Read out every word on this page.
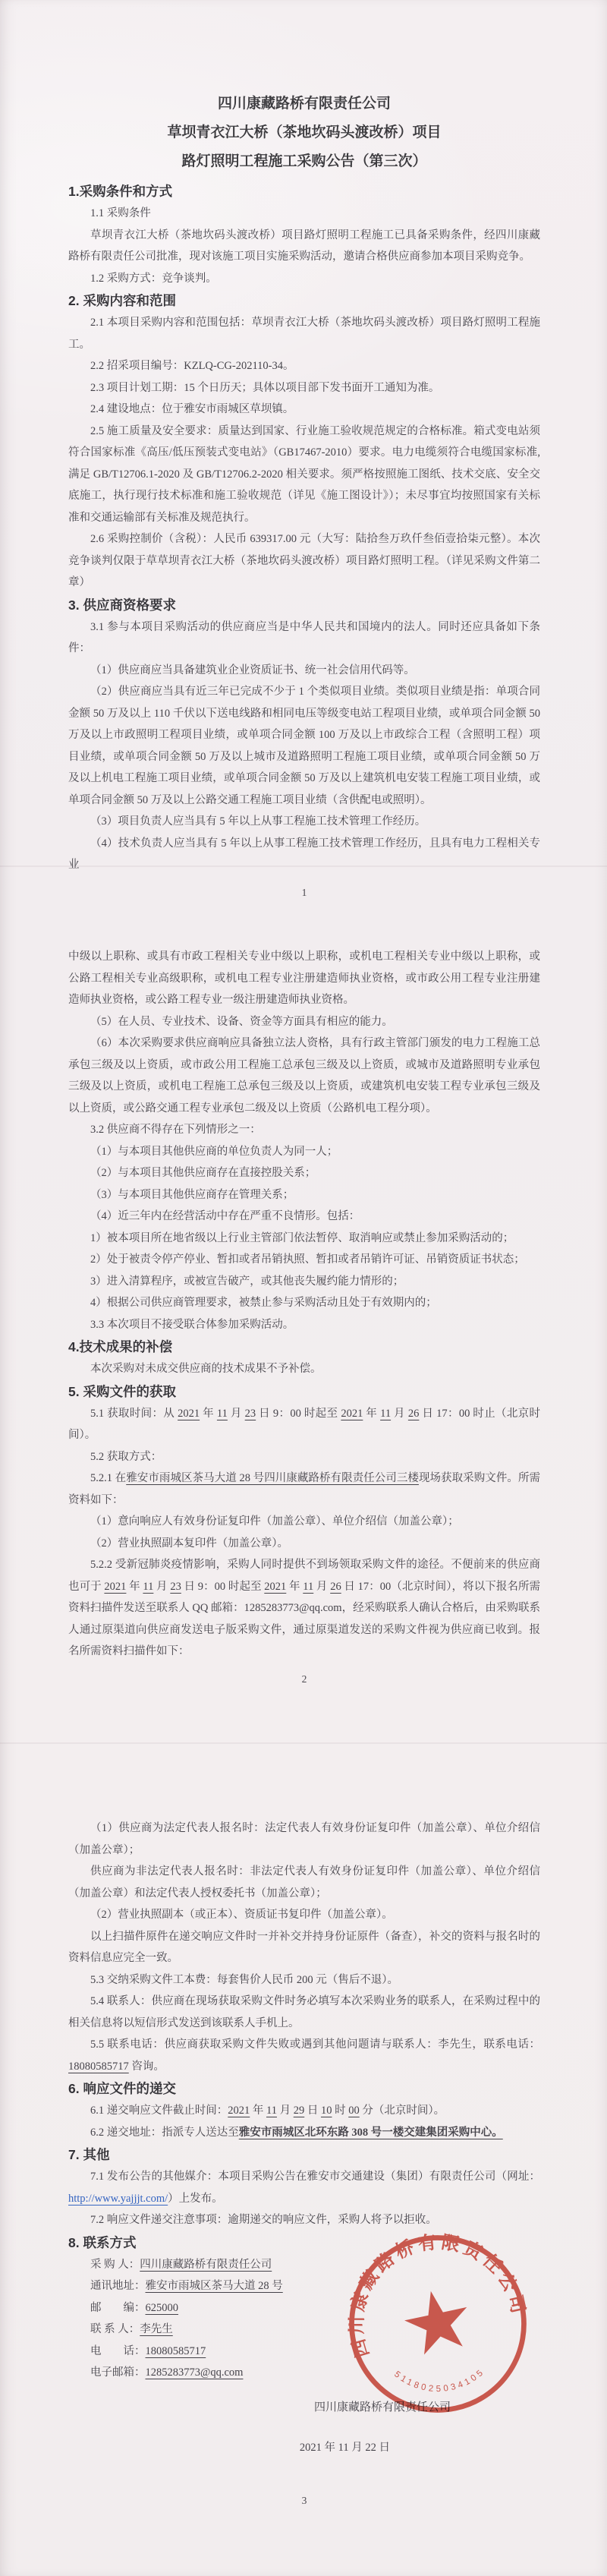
四川康藏路桥有限责任公司
草坝青衣江大桥（茶地坎码头渡改桥）项目
路灯照明工程施工采购公告（第三次）

1.采购条件和方式

1.1 采购条件

草坝青衣江大桥（茶地坎码头渡改桥）项目路灯照明工程施工已具备采购条件，经四川康藏路桥有限责任公司批准，现对该施工项目实施采购活动，邀请合格供应商参加本项目采购竞争。

1.2 采购方式：竞争谈判。

2. 采购内容和范围

2.1 本项目采购内容和范围包括：草坝青衣江大桥（茶地坎码头渡改桥）项目路灯照明工程施工。

2.2 招采项目编号：KZLQ-CG-202110-34。

2.3 项目计划工期：15 个日历天；具体以项目部下发书面开工通知为准。

2.4 建设地点：位于雅安市雨城区草坝镇。

2.5 施工质量及安全要求：质量达到国家、行业施工验收规范规定的合格标准。箱式变电站须符合国家标准《高压/低压预装式变电站》（GB17467-2010）要求。电力电缆须符合电缆国家标准,满足 GB/T12706.1-2020 及 GB/T12706.2-2020 相关要求。须严格按照施工图纸、技术交底、安全交底施工，执行现行技术标准和施工验收规范（详见《施工图设计》）；未尽事宜均按照国家有关标准和交通运输部有关标准及规范执行。

2.6 采购控制价（含税）：人民币 639317.00 元（大写：陆拾叁万玖仟叁佰壹拾柒元整）。本次竞争谈判仅限于草草坝青衣江大桥（茶地坎码头渡改桥）项目路灯照明工程。（详见采购文件第二章）

3. 供应商资格要求

3.1 参与本项目采购活动的供应商应当是中华人民共和国境内的法人。同时还应具备如下条件：

（1）供应商应当具备建筑业企业资质证书、统一社会信用代码等。

（2）供应商应当具有近三年已完成不少于 1 个类似项目业绩。类似项目业绩是指：单项合同金额 50 万及以上 110 千伏以下送电线路和相同电压等级变电站工程项目业绩，或单项合同金额 50 万及以上市政照明工程项目业绩，或单项合同金额 100 万及以上市政综合工程（含照明工程）项目业绩，或单项合同金额 50 万及以上城市及道路照明工程施工项目业绩，或单项合同金额 50 万及以上机电工程施工项目业绩，或单项合同金额 50 万及以上建筑机电安装工程施工项目业绩，或单项合同金额 50 万及以上公路交通工程施工项目业绩（含供配电或照明）。

（3）项目负责人应当具有 5 年以上从事工程施工技术管理工作经历。

（4）技术负责人应当具有 5 年以上从事工程施工技术管理工作经历，且具有电力工程相关专业

1

中级以上职称、或具有市政工程相关专业中级以上职称，或机电工程相关专业中级以上职称，或公路工程相关专业高级职称，或机电工程专业注册建造师执业资格，或市政公用工程专业注册建造师执业资格，或公路工程专业一级注册建造师执业资格。

（5）在人员、专业技术、设备、资金等方面具有相应的能力。

（6）本次采购要求供应商响应具备独立法人资格，具有行政主管部门颁发的电力工程施工总承包三级及以上资质，或市政公用工程施工总承包三级及以上资质，或城市及道路照明专业承包三级及以上资质，或机电工程施工总承包三级及以上资质，或建筑机电安装工程专业承包三级及以上资质，或公路交通工程专业承包二级及以上资质（公路机电工程分项）。

3.2 供应商不得存在下列情形之一：

（1）与本项目其他供应商的单位负责人为同一人；

（2）与本项目其他供应商存在直接控股关系；

（3）与本项目其他供应商存在管理关系；

（4）近三年内在经营活动中存在严重不良情形。包括：

1）被本项目所在地省级以上行业主管部门依法暂停、取消响应或禁止参加采购活动的；

2）处于被责令停产停业、暂扣或者吊销执照、暂扣或者吊销许可证、吊销资质证书状态；

3）进入清算程序，或被宣告破产，或其他丧失履约能力情形的；

4）根据公司供应商管理要求，被禁止参与采购活动且处于有效期内的；

3.3 本次项目不接受联合体参加采购活动。

4.技术成果的补偿

本次采购对未成交供应商的技术成果不予补偿。

5. 采购文件的获取

5.1 获取时间：从 2021 年 11 月 23 日 9：00 时起至 2021 年 11 月 26 日 17：00 时止（北京时间）。

5.2 获取方式：

5.2.1 在雅安市雨城区茶马大道 28 号四川康藏路桥有限责任公司三楼现场获取采购文件。所需资料如下：

（1）意向响应人有效身份证复印件（加盖公章）、单位介绍信（加盖公章）；

（2）营业执照副本复印件（加盖公章）。

5.2.2 受新冠肺炎疫情影响，采购人同时提供不到场领取采购文件的途径。不便前来的供应商也可于 2021 年 11 月 23 日 9：00 时起至 2021 年 11 月 26 日 17：00（北京时间），将以下报名所需资料扫描件发送至联系人 QQ 邮箱：1285283773@qq.com，经采购联系人确认合格后，由采购联系人通过原渠道向供应商发送电子版采购文件，通过原渠道发送的采购文件视为供应商已收到。报名所需资料扫描件如下：

2

（1）供应商为法定代表人报名时：法定代表人有效身份证复印件（加盖公章）、单位介绍信（加盖公章）；

供应商为非法定代表人报名时：非法定代表人有效身份证复印件（加盖公章）、单位介绍信（加盖公章）和法定代表人授权委托书（加盖公章）；

（2）营业执照副本（或正本）、资质证书复印件（加盖公章）。

以上扫描件原件在递交响应文件时一并补交并持身份证原件（备查），补交的资料与报名时的资料信息应完全一致。

5.3 交纳采购文件工本费：每套售价人民币 200 元（售后不退）。

5.4 联系人：供应商在现场获取采购文件时务必填写本次采购业务的联系人，在采购过程中的相关信息将以短信形式发送到该联系人手机上。

5.5 联系电话：供应商获取采购文件失败或遇到其他问题请与联系人：李先生，联系电话：18080585717 咨询。

6. 响应文件的递交

6.1 递交响应文件截止时间：2021 年 11 月 29 日 10 时 00 分（北京时间）。

6.2 递交地址：指派专人送达至雅安市雨城区北环东路 308 号一楼交建集团采购中心。

7. 其他

7.1 发布公告的其他媒介：本项目采购公告在雅安市交通建设（集团）有限责任公司（网址：http://www.yajjjt.com/）上发布。

7.2 响应文件递交注意事项：逾期递交的响应文件，采购人将予以拒收。

8. 联系方式

采 购 人：四川康藏路桥有限责任公司

通讯地址：雅安市雨城区茶马大道 28 号

邮　　编：625000

联 系 人：李先生

电　　话：18080585717

电子邮箱：1285283773@qq.com

四川康藏路桥有限责任公司
2021 年 11 月 22 日
3
四川康藏路桥有限责任公司
5118025034105
